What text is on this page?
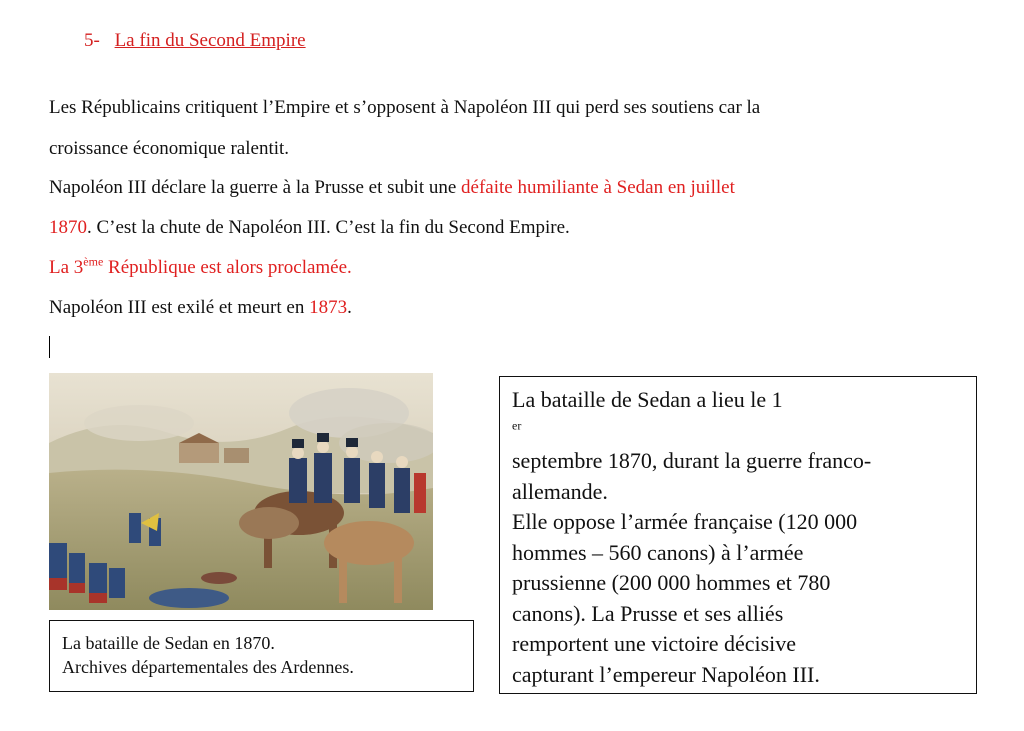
5- La fin du Second Empire
Les Républicains critiquent l’Empire et s’opposent à Napoléon III qui perd ses soutiens car la
croissance économique ralentit.
Napoléon III déclare la guerre à la Prusse et subit une défaite humiliante à Sedan en juillet
1870. C’est la chute de Napoléon III. C’est la fin du Second Empire.
La 3ème République est alors proclamée.
Napoléon III est exilé et meurt en 1873.
La bataille de Sedan en 1870.
Archives départementales des Ardennes.
La bataille de Sedan a lieu le 1
$^{er}$
septembre 1870, durant la guerre franco-
allemande.
Elle oppose l’armée française (120 000
hommes – 560 canons) à l’armée
prussienne (200 000 hommes et 780
canons). La Prusse et ses alliés
remportent une victoire décisive
capturant l’empereur Napoléon III.
